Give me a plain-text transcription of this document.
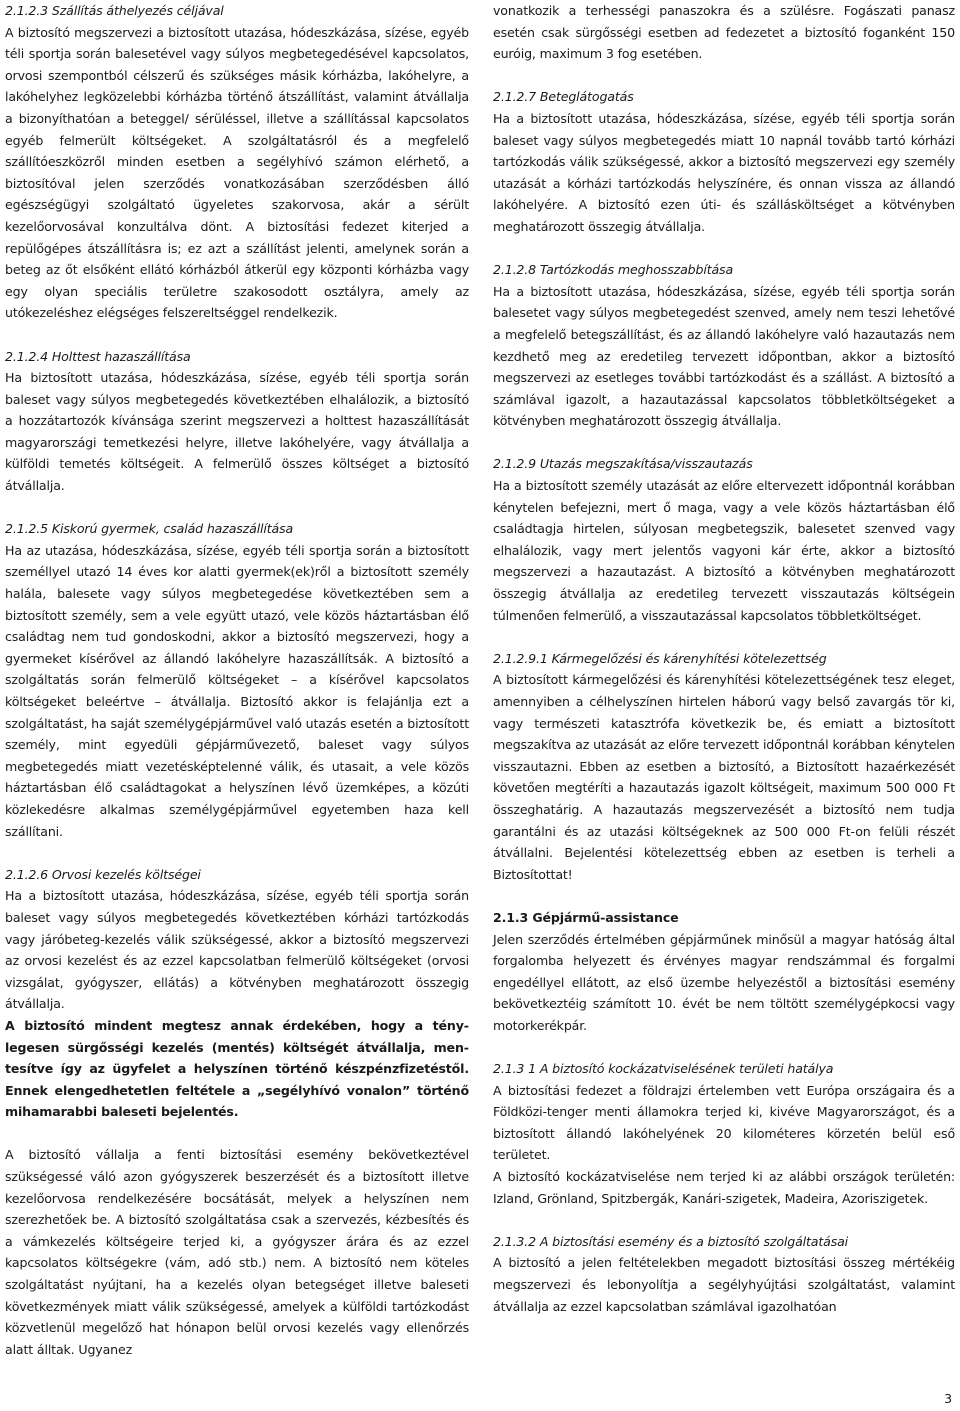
2.1.2.3 Szállítás áthelyezés céljával

A biztosító megszervezi a biztosított utazása, hódeszkázása, sízése, egyéb téli sportja során balesetével vagy súlyos megbetegedésével kapcsolatos, orvosi szempontból célszerű és szükséges másik kórházba, lakóhelyre, a lakóhelyhez legközelebbi kórházba történő átszállítást, valamint átvállalja a bizonyíthatóan a beteggel/ sérüléssel, illetve a szállítással kapcsolatos egyéb felmerült költségeket. A szolgáltatásról és a megfelelő szállítóeszközről minden esetben a segélyhívó számon elérhető, a biztosítóval jelen szerződés vonatkozásában szerződésben álló egészségügyi szolgáltató ügyeletes szakorvosa, akár a sérült kezelőorvosával konzultálva dönt. A biztosítási fedezet kiterjed a repülőgépes átszállításra is; ez azt a szállítást jelenti, amelynek során a beteg az őt elsőként ellátó kórházból átkerül egy központi kórházba vagy egy olyan speciális területre szakosodott osztályra, amely az utókezeléshez elégséges felszereltséggel rendelkezik.

2.1.2.4 Holttest hazaszállítása

Ha biztosított utazása, hódeszkázása, sízése, egyéb téli sportja során baleset vagy súlyos megbetegedés következtében elhalálozik, a biztosító a hozzátartozók kívánsága szerint megszervezi a holttest hazaszállítását magyarországi temetkezési helyre, illetve lakóhelyére, vagy átvállalja a külföldi temetés költségeit. A felmerülő összes költséget a biztosító átvállalja.

2.1.2.5 Kiskorú gyermek, család hazaszállítása

Ha az utazása, hódeszkázása, sízése, egyéb téli sportja során a biztosított személlyel utazó 14 éves kor alatti gyermek(ek)ről a biztosított személy halála, balesete vagy súlyos megbetegedése következtében sem a biztosított személy, sem a vele együtt utazó, vele közös háztartásban élő családtag nem tud gondoskodni, akkor a biztosító megszervezi, hogy a gyermeket kísérővel az állandó lakóhelyre hazaszállítsák. A biztosító a szolgáltatás során felmerülő költségeket – a kísérővel kapcsolatos költségeket beleértve – átvállalja. Biztosító akkor is felajánlja ezt a szolgáltatást, ha saját személygépjárművel való utazás esetén a biztosított személy, mint egyedüli gépjárművezető, baleset vagy súlyos megbetegedés miatt vezetésképtelenné válik, és utasait, a vele közös háztartásban élő családtagokat a helyszínen lévő üzemképes, a közúti közlekedésre alkalmas személygépjárművel egyetemben haza kell szállítani.

2.1.2.6 Orvosi kezelés költségei

Ha a biztosított utazása, hódeszkázása, sízése, egyéb téli sportja során baleset vagy súlyos megbetegedés következtében kórházi tartózkodás vagy járóbeteg-kezelés válik szükségessé, akkor a biztosító megszervezi az orvosi kezelést és az ezzel kapcsolatban felmerülő költségeket (orvosi vizsgálat, gyógyszer, ellátás) a kötvényben meghatározott összegig átvállalja.

A biztosító mindent megtesz annak érdekében, hogy a ténylegesen sürgősségi kezelés (mentés) költségét átvállalja, mentesítve így az ügyfelet a helyszínen történő készpénzfizetéstől. Ennek elengedhetetlen feltétele a „segélyhívó vonalon” történő mihamarabbi baleseti bejelentés.

A biztosító vállalja a fenti biztosítási esemény bekövetkeztével szükségessé váló azon gyógyszerek beszerzését és a biztosított illetve kezelőorvosa rendelkezésére bocsátását, melyek a helyszínen nem szerezhetőek be. A biztosító szolgáltatása csak a szervezés, kézbesítés és a vámkezelés költségeire terjed ki, a gyógyszer árára és az ezzel kapcsolatos költségekre (vám, adó stb.) nem. A biztosító nem köteles szolgáltatást nyújtani, ha a kezelés olyan betegséget illetve baleseti következmények miatt válik szükségessé, amelyek a külföldi tartózkodást közvetlenül megelőző hat hónapon belül orvosi kezelés vagy ellenőrzés alatt álltak. Ugyanez

vonatkozik a terhességi panaszokra és a szülésre. Fogászati panasz esetén csak sürgősségi esetben ad fedezetet a biztosító foganként 150 euróig, maximum 3 fog esetében.

2.1.2.7 Beteglátogatás

Ha a biztosított utazása, hódeszkázása, sízése, egyéb téli sportja során baleset vagy súlyos megbetegedés miatt 10 napnál tovább tartó kórházi tartózkodás válik szükségessé, akkor a biztosító megszervezi egy személy utazását a kórházi tartózkodás helyszínére, és onnan vissza az állandó lakóhelyére. A biztosító ezen úti- és szállásköltséget a kötvényben meghatározott összegig átvállalja.

2.1.2.8 Tartózkodás meghosszabbítása

Ha a biztosított utazása, hódeszkázása, sízése, egyéb téli sportja során balesetet vagy súlyos megbetegedést szenved, amely nem teszi lehetővé a megfelelő betegszállítást, és az állandó lakóhelyre való hazautazás nem kezdhető meg az eredetileg tervezett időpontban, akkor a biztosító megszervezi az esetleges további tartózkodást és a szállást. A biztosító a számlával igazolt, a hazautazással kapcsolatos többletköltségeket a kötvényben meghatározott összegig átvállalja.

2.1.2.9 Utazás megszakítása/visszautazás

Ha a biztosított személy utazását az előre eltervezett időpontnál korábban kénytelen befejezni, mert ő maga, vagy a vele közös háztartásban élő családtagja hirtelen, súlyosan megbetegszik, balesetet szenved vagy elhalálozik, vagy mert jelentős vagyoni kár érte, akkor a biztosító megszervezi a hazautazást. A biztosító a kötvényben meghatározott összegig átvállalja az eredetileg tervezett visszautazás költségein túlmenően felmerülő, a visszautazással kapcsolatos többletköltséget.

2.1.2.9.1 Kármegelőzési és kárenyhítési kötelezettség

A biztosított kármegelőzési és kárenyhítési kötelezettségének tesz eleget, amennyiben a célhelyszínen hirtelen háború vagy belső zavargás tör ki, vagy természeti katasztrófa következik be, és emiatt a biztosított megszakítva az utazását az előre tervezett időpontnál korábban kénytelen visszautazni. Ebben az esetben a biztosító, a Biztosított hazaérkezését követően megtéríti a hazautazás igazolt költségeit, maximum 500 000 Ft összeghatárig. A hazautazás megszervezését a biztosító nem tudja garantálni és az utazási költségeknek az 500 000 Ft-on felüli részét átvállalni. Bejelentési kötelezettség ebben az esetben is terheli a Biztosítottat!

2.1.3 Gépjármű-assistance

Jelen szerződés értelmében gépjárműnek minősül a magyar hatóság által forgalomba helyezett és érvényes magyar rendszámmal és forgalmi engedéllyel ellátott, az első üzembe helyezéstől a biztosítási esemény bekövetkeztéig számított 10. évét be nem töltött személygépkocsi vagy motorkerékpár.

2.1.3 1 A biztosító kockázatviselésének területi hatálya

A biztosítási fedezet a földrajzi értelemben vett Európa országaira és a Földközi-tenger menti államokra terjed ki, kivéve Magyarországot, és a biztosított állandó lakóhelyének 20 kilométeres körzetén belül eső területet.

A biztosító kockázatviselése nem terjed ki az alábbi országok területén: Izland, Grönland, Spitzbergák, Kanári-szigetek, Madeira, Azoriszigetek.

2.1.3.2 A biztosítási esemény és a biztosító szolgáltatásai

A biztosító a jelen feltételekben megadott biztosítási összeg mértékéig megszervezi és lebonyolítja a segélyhyújtási szolgáltatást, valamint átvállalja az ezzel kapcsolatban számlával igazolhatóan

3
